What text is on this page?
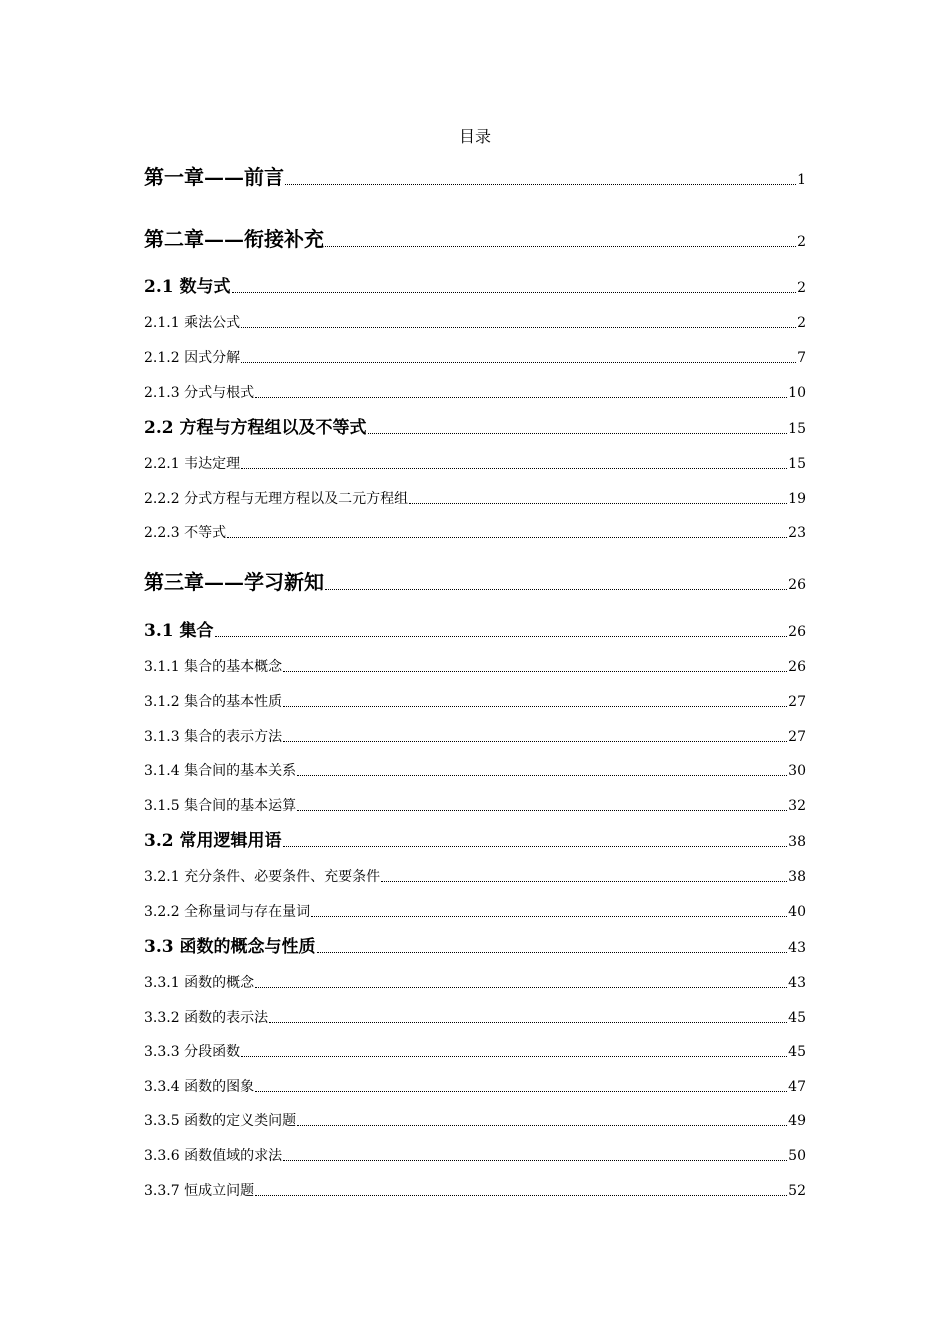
目录
第一章——前言	1
第二章——衔接补充	2
2.1 数与式	2
2.1.1 乘法公式	2
2.1.2 因式分解	7
2.1.3 分式与根式	10
2.2 方程与方程组以及不等式	15
2.2.1 韦达定理	15
2.2.2 分式方程与无理方程以及二元方程组	19
2.2.3 不等式	23
第三章——学习新知	26
3.1 集合	26
3.1.1 集合的基本概念	26
3.1.2 集合的基本性质	27
3.1.3 集合的表示方法	27
3.1.4 集合间的基本关系	30
3.1.5 集合间的基本运算	32
3.2 常用逻辑用语	38
3.2.1 充分条件、必要条件、充要条件	38
3.2.2 全称量词与存在量词	40
3.3 函数的概念与性质	43
3.3.1 函数的概念	43
3.3.2 函数的表示法	45
3.3.3 分段函数	45
3.3.4 函数的图象	47
3.3.5 函数的定义类问题	49
3.3.6 函数值域的求法	50
3.3.7 恒成立问题	52
